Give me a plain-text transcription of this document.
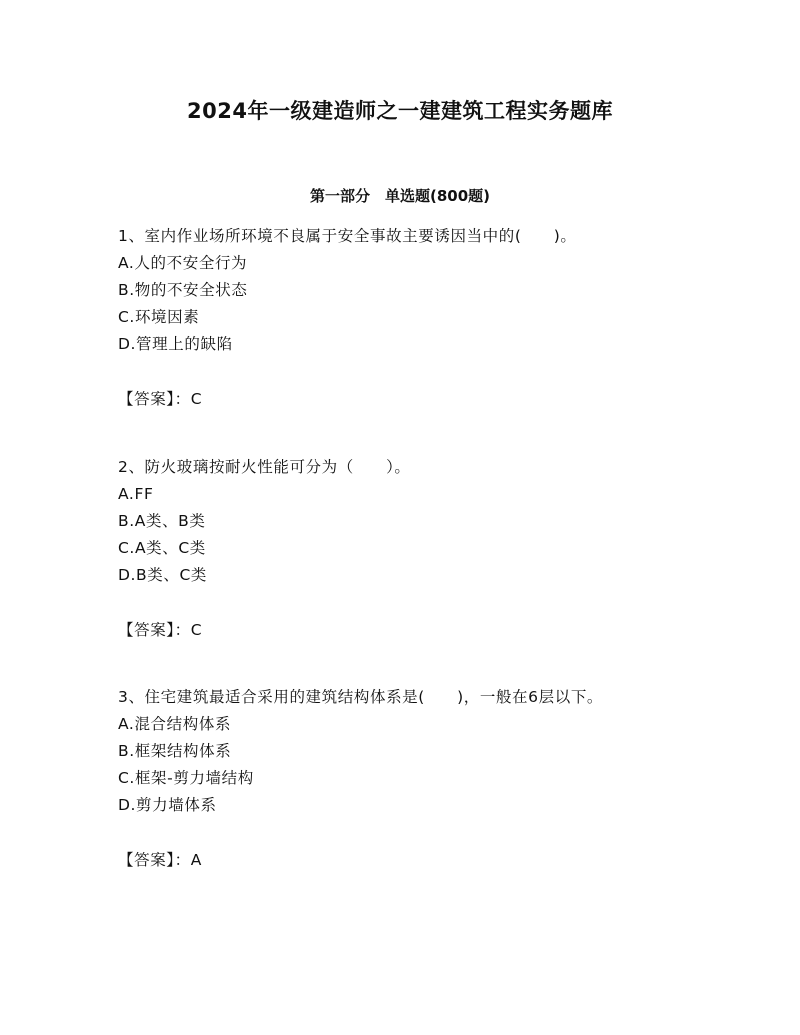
2024年一级建造师之一建建筑工程实务题库
第一部分　单选题(800题)
1、室内作业场所环境不良属于安全事故主要诱因当中的(　　)。
A.人的不安全行为
B.物的不安全状态
C.环境因素
D.管理上的缺陷
【答案】：C
2、防火玻璃按耐火性能可分为（　　）。
A.FF
B.A类、B类
C.A类、C类
D.B类、C类
【答案】：C
3、住宅建筑最适合采用的建筑结构体系是(　　)，一般在6层以下。
A.混合结构体系
B.框架结构体系
C.框架-剪力墙结构
D.剪力墙体系
【答案】：A
